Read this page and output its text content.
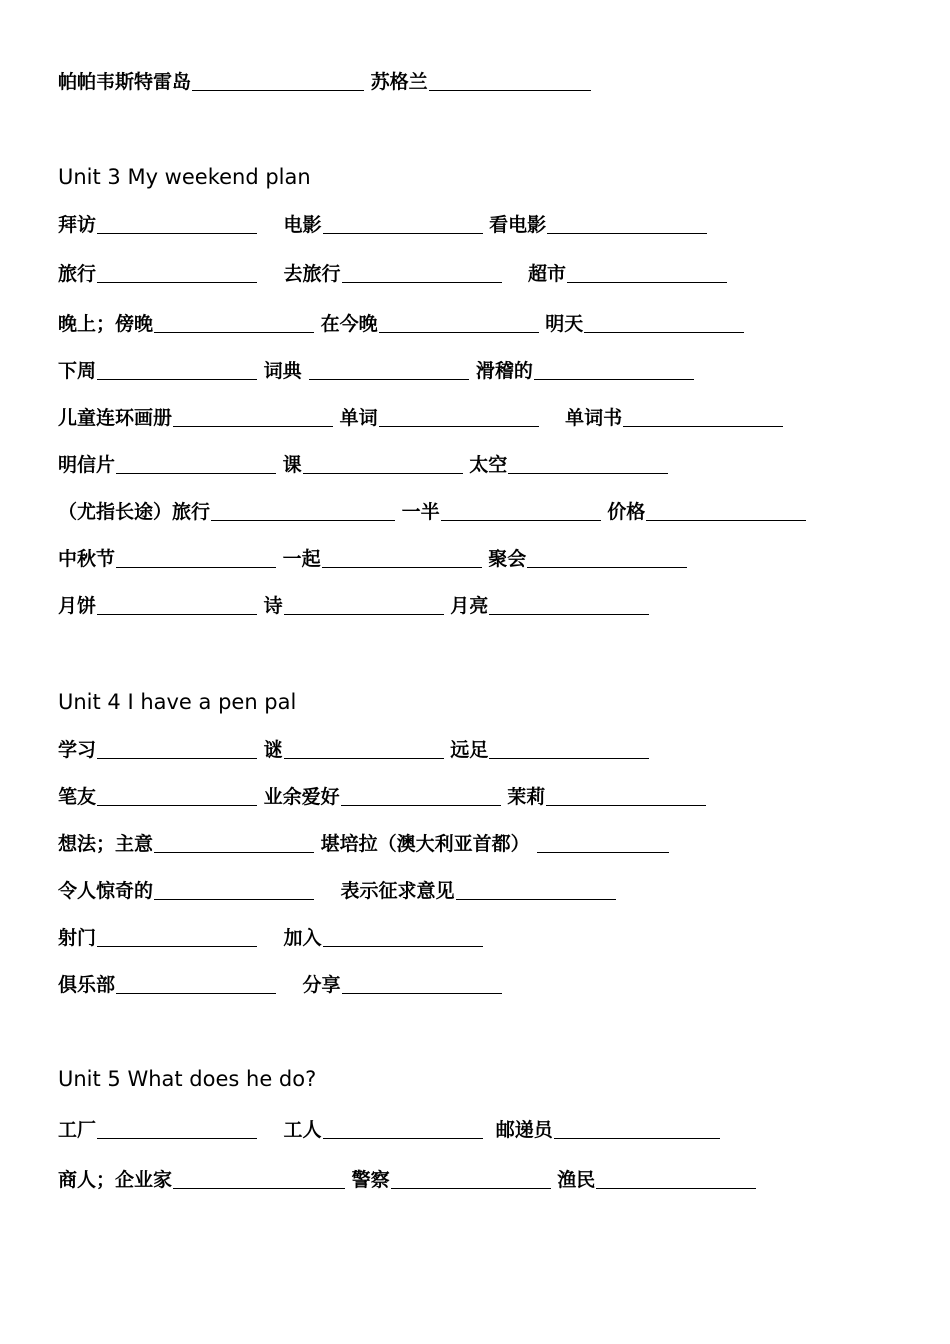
帕帕韦斯特雷岛	苏格兰
Unit 3 My weekend plan
拜访	电影	看电影
旅行	去旅行	超市
晚上；傍晚	在今晚	明天
下周	词典	滑稽的
儿童连环画册	单词	单词书
明信片	课	太空
（尤指长途）旅行	一半	价格
中秋节	一起	聚会
月饼	诗	月亮
Unit 4 I have a pen pal
学习	谜	远足
笔友	业余爱好	茉莉
想法；主意	堪培拉（澳大利亚首都）
令人惊奇的	表示征求意见
射门	加入
俱乐部	分享
Unit 5 What does he do?
工厂	工人	邮递员
商人；企业家	警察	渔民
